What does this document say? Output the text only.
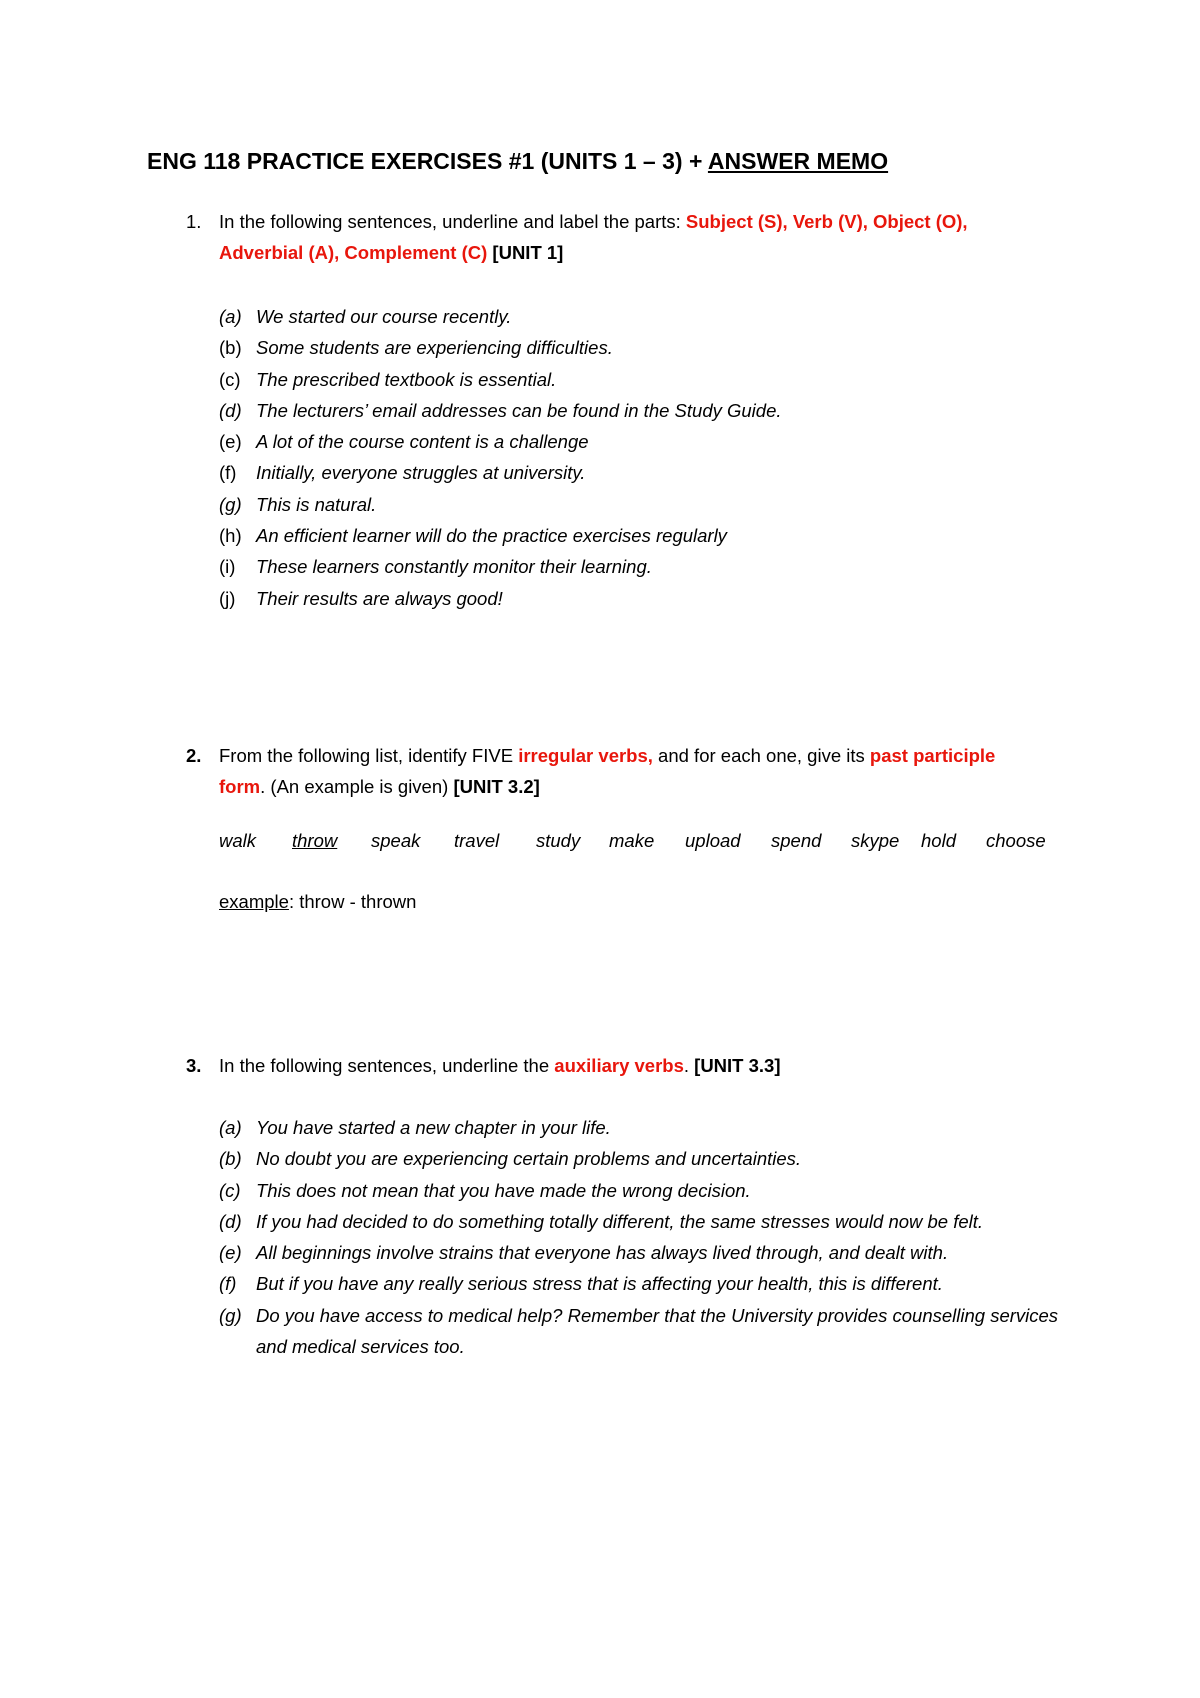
ENG 118 PRACTICE EXERCISES #1 (UNITS 1 – 3) + ANSWER MEMO
1. In the following sentences, underline and label the parts: Subject (S), Verb (V), Object (O),
Adverbial (A), Complement (C) [UNIT 1]
(a) We started our course recently.
(b) Some students are experiencing difficulties.
(c) The prescribed textbook is essential.
(d) The lecturers’ email addresses can be found in the Study Guide.
(e) A lot of the course content is a challenge
(f) Initially, everyone struggles at university.
(g) This is natural.
(h) An efficient learner will do the practice exercises regularly
(i) These learners constantly monitor their learning.
(j) Their results are always good!
2. From the following list, identify FIVE irregular verbs, and for each one, give its past participle
form. (An example is given) [UNIT 3.2]
walk throw speak travel study make upload spend skype hold choose
example: throw - thrown
3. In the following sentences, underline the auxiliary verbs. [UNIT 3.3]
(a) You have started a new chapter in your life.
(b) No doubt you are experiencing certain problems and uncertainties.
(c) This does not mean that you have made the wrong decision.
(d) If you had decided to do something totally different, the same stresses would now be felt.
(e) All beginnings involve strains that everyone has always lived through, and dealt with.
(f) But if you have any really serious stress that is affecting your health, this is different.
(g) Do you have access to medical help? Remember that the University provides counselling services and medical services too.
